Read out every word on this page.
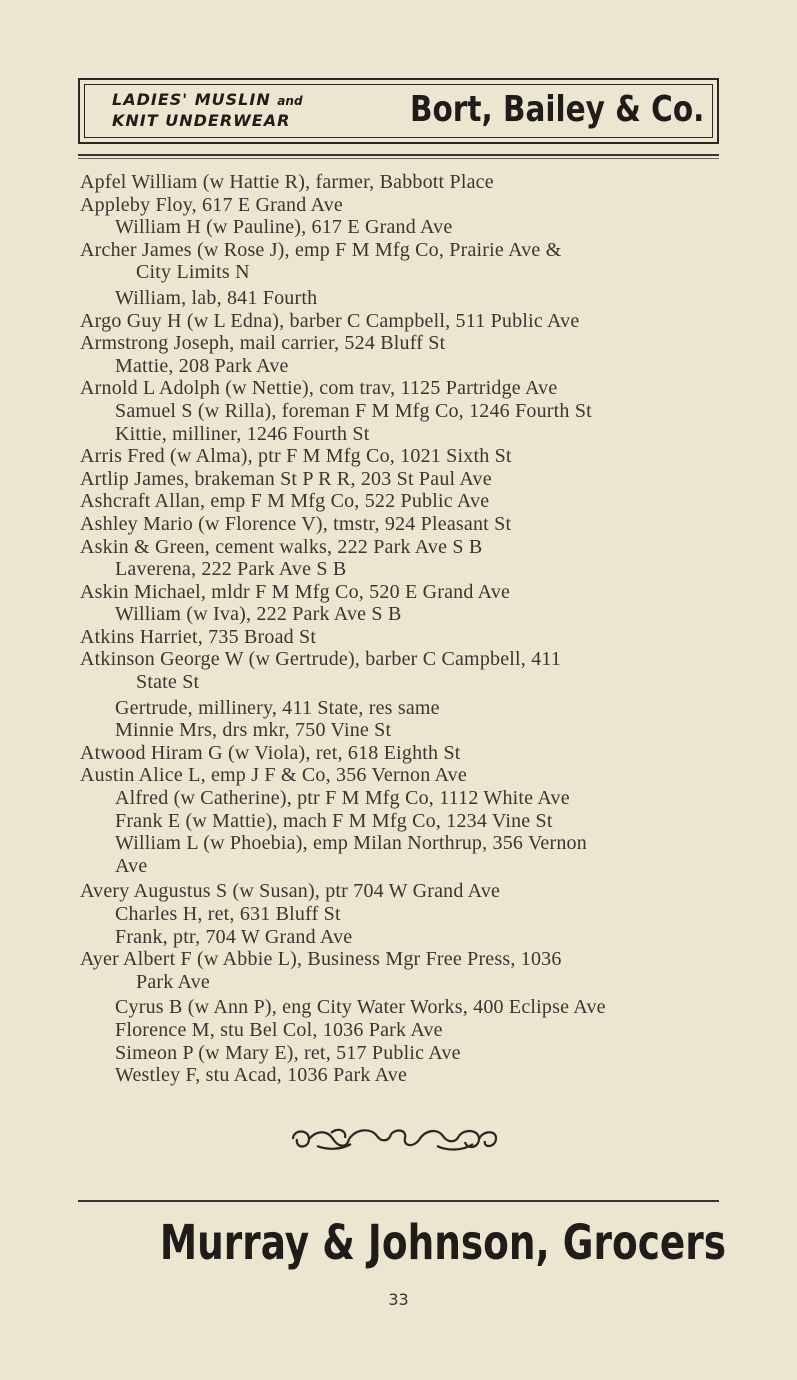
LADIES' MUSLIN and
KNIT UNDERWEAR	Bort, Bailey & Co.
Apfel William (w Hattie R), farmer, Babbott Place
Appleby Floy, 617 E Grand Ave
William H (w Pauline), 617 E Grand Ave
Archer James (w Rose J), emp F M Mfg Co, Prairie Ave &
City Limits N
William, lab, 841 Fourth
Argo Guy H (w L Edna), barber C Campbell, 511 Public Ave
Armstrong Joseph, mail carrier, 524 Bluff St
Mattie, 208 Park Ave
Arnold L Adolph (w Nettie), com trav, 1125 Partridge Ave
Samuel S (w Rilla), foreman F M Mfg Co, 1246 Fourth St
Kittie, milliner, 1246 Fourth St
Arris Fred (w Alma), ptr F M Mfg Co, 1021 Sixth St
Artlip James, brakeman St P R R, 203 St Paul Ave
Ashcraft Allan, emp F M Mfg Co, 522 Public Ave
Ashley Mario (w Florence V), tmstr, 924 Pleasant St
Askin & Green, cement walks, 222 Park Ave S B
Laverena, 222 Park Ave S B
Askin Michael, mldr F M Mfg Co, 520 E Grand Ave
William (w Iva), 222 Park Ave S B
Atkins Harriet, 735 Broad St
Atkinson George W (w Gertrude), barber C Campbell, 411
State St
Gertrude, millinery, 411 State, res same
Minnie Mrs, drs mkr, 750 Vine St
Atwood Hiram G (w Viola), ret, 618 Eighth St
Austin Alice L, emp J F & Co, 356 Vernon Ave
Alfred (w Catherine), ptr F M Mfg Co, 1112 White Ave
Frank E (w Mattie), mach F M Mfg Co, 1234 Vine St
William L (w Phoebia), emp Milan Northrup, 356 Vernon
Ave
Avery Augustus S (w Susan), ptr 704 W Grand Ave
Charles H, ret, 631 Bluff St
Frank, ptr, 704 W Grand Ave
Ayer Albert F (w Abbie L), Business Mgr Free Press, 1036
Park Ave
Cyrus B (w Ann P), eng City Water Works, 400 Eclipse Ave
Florence M, stu Bel Col, 1036 Park Ave
Simeon P (w Mary E), ret, 517 Public Ave
Westley F, stu Acad, 1036 Park Ave
Murray & Johnson, Grocers
33
